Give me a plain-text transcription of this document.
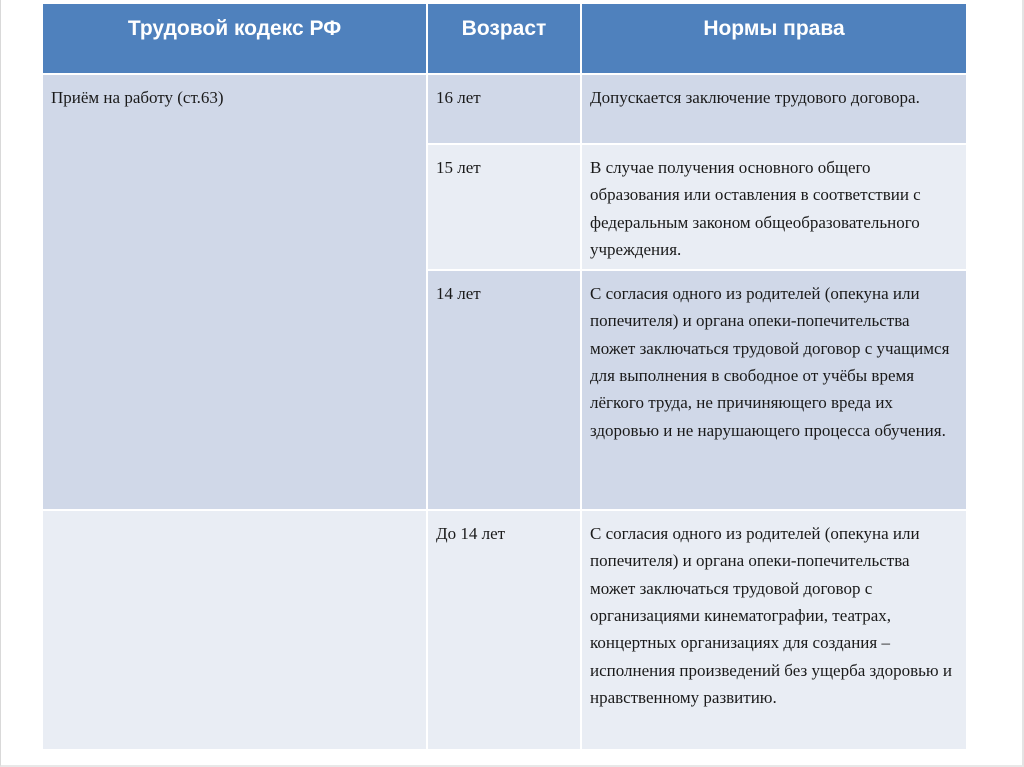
Трудовой кодекс РФ	Возраст	Нормы права
Приём на работу (ст.63)	16 лет	Допускается заключение трудового договора.
	15 лет	В случае получения основного общего образования или оставления в соответствии с федеральным законом общеобразовательного учреждения.
	14 лет	С согласия одного из родителей (опекуна или попечителя) и органа опеки-попечительства может заключаться трудовой договор с учащимся для выполнения в свободное от учёбы время лёгкого труда, не причиняющего вреда их здоровью и не нарушающего процесса обучения.
	До 14 лет	С согласия одного из родителей (опекуна или попечителя) и органа опеки-попечительства может заключаться трудовой договор с организациями кинематографии, театрах, концертных организациях для создания – исполнения произведений без ущерба здоровью и нравственному развитию.
